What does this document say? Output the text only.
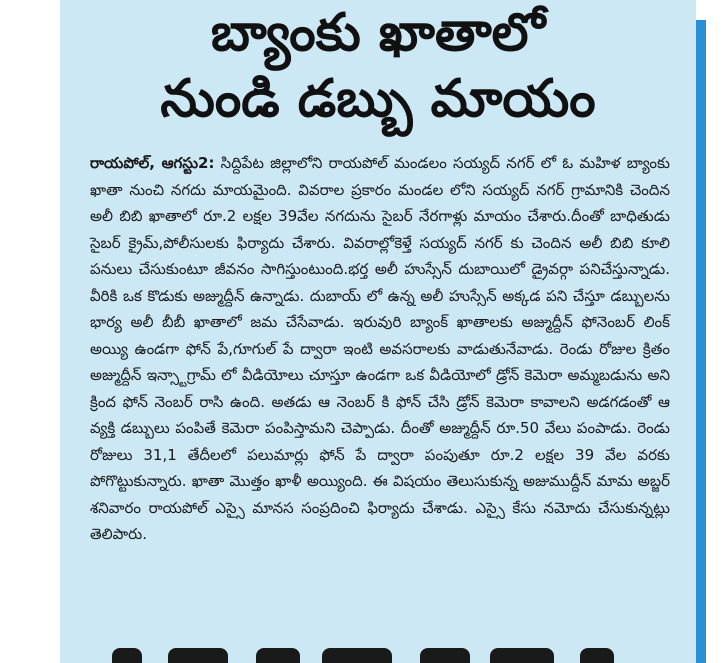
బ్యాంకు ఖాతాలో
నుండి డబ్బు మాయం

రాయపోల్, ఆగస్టు2: సిద్దిపేట జిల్లాలోని రాయపోల్ మండలం సయ్యద్ నగర్ లో ఓ మహిళ బ్యాంకు ఖాతా నుంచి నగదు మాయమైంది. వివరాల ప్రకారం మండల లోని సయ్యద్ నగర్ గ్రామానికి చెందిన అలీ బిబి ఖాతాలో రూ.2 లక్షల 39వేల నగదును సైబర్ నేరగాళ్లు మాయం చేశారు.దీంతో బాధితుడు సైబర్ క్రైమ్,పోలీసులకు ఫిర్యాదు చేశారు. వివరాల్లోకెళ్తే సయ్యద్ నగర్ కు చెందిన అలీ బిబి కూలి పనులు చేసుకుంటూ జీవనం సాగిస్తుంటుంది.భర్త అలీ హుస్సేన్ దుబాయిలో డ్రైవర్గా పనిచేస్తున్నాడు. వీరికి ఒక కొడుకు అజ్ముద్దీన్ ఉన్నాడు. దుబాయ్ లో ఉన్న అలీ హుస్సేన్ అక్కడ పని చేస్తూ డబ్బులను భార్య అలీ బీబీ ఖాతాలో జమ చేసేవాడు. ఇరువురి బ్యాంక్ ఖాతాలకు అజ్ముద్దీన్ ఫోనెంబర్ లింక్ అయ్యి ఉండగా ఫోన్ పే,గూగుల్ పే ద్వారా ఇంటి అవసరాలకు వాడుతునేవాడు. రెండు రోజుల క్రితం అజ్ముద్దీన్ ఇన్స్టాగ్రామ్ లో వీడియోలు చూస్తూ ఉండగా ఒక వీడియోలో డ్రోన్ కెమెరా అమ్మబడును అని క్రింద ఫోన్ నెంబర్ రాసి ఉంది. అతడు ఆ నెంబర్ కి ఫోన్ చేసి డ్రోన్ కెమెరా కావాలని అడగడంతో ఆ వ్యక్తి డబ్బులు పంపితే కెమెరా పంపిస్తామని చెప్పాడు. దీంతో అజ్ముద్దీన్ రూ.50 వేలు పంపాడు. రెండు రోజులు 31,1 తేదీలలో పలుమార్లు ఫోన్ పే ద్వారా పంపుతూ రూ.2 లక్షల 39 వేల వరకు పోగొట్టుకున్నారు. ఖాతా మొత్తం ఖాళీ అయ్యింది. ఈ విషయం తెలుసుకున్న అజుముద్దీన్ మామ అబ్జర్ శనివారం రాయపోల్ ఎస్సై మానస సంప్రదించి ఫిర్యాదు చేశాడు. ఎస్సై కేసు నమోదు చేసుకున్నట్లు తెలిపారు.
